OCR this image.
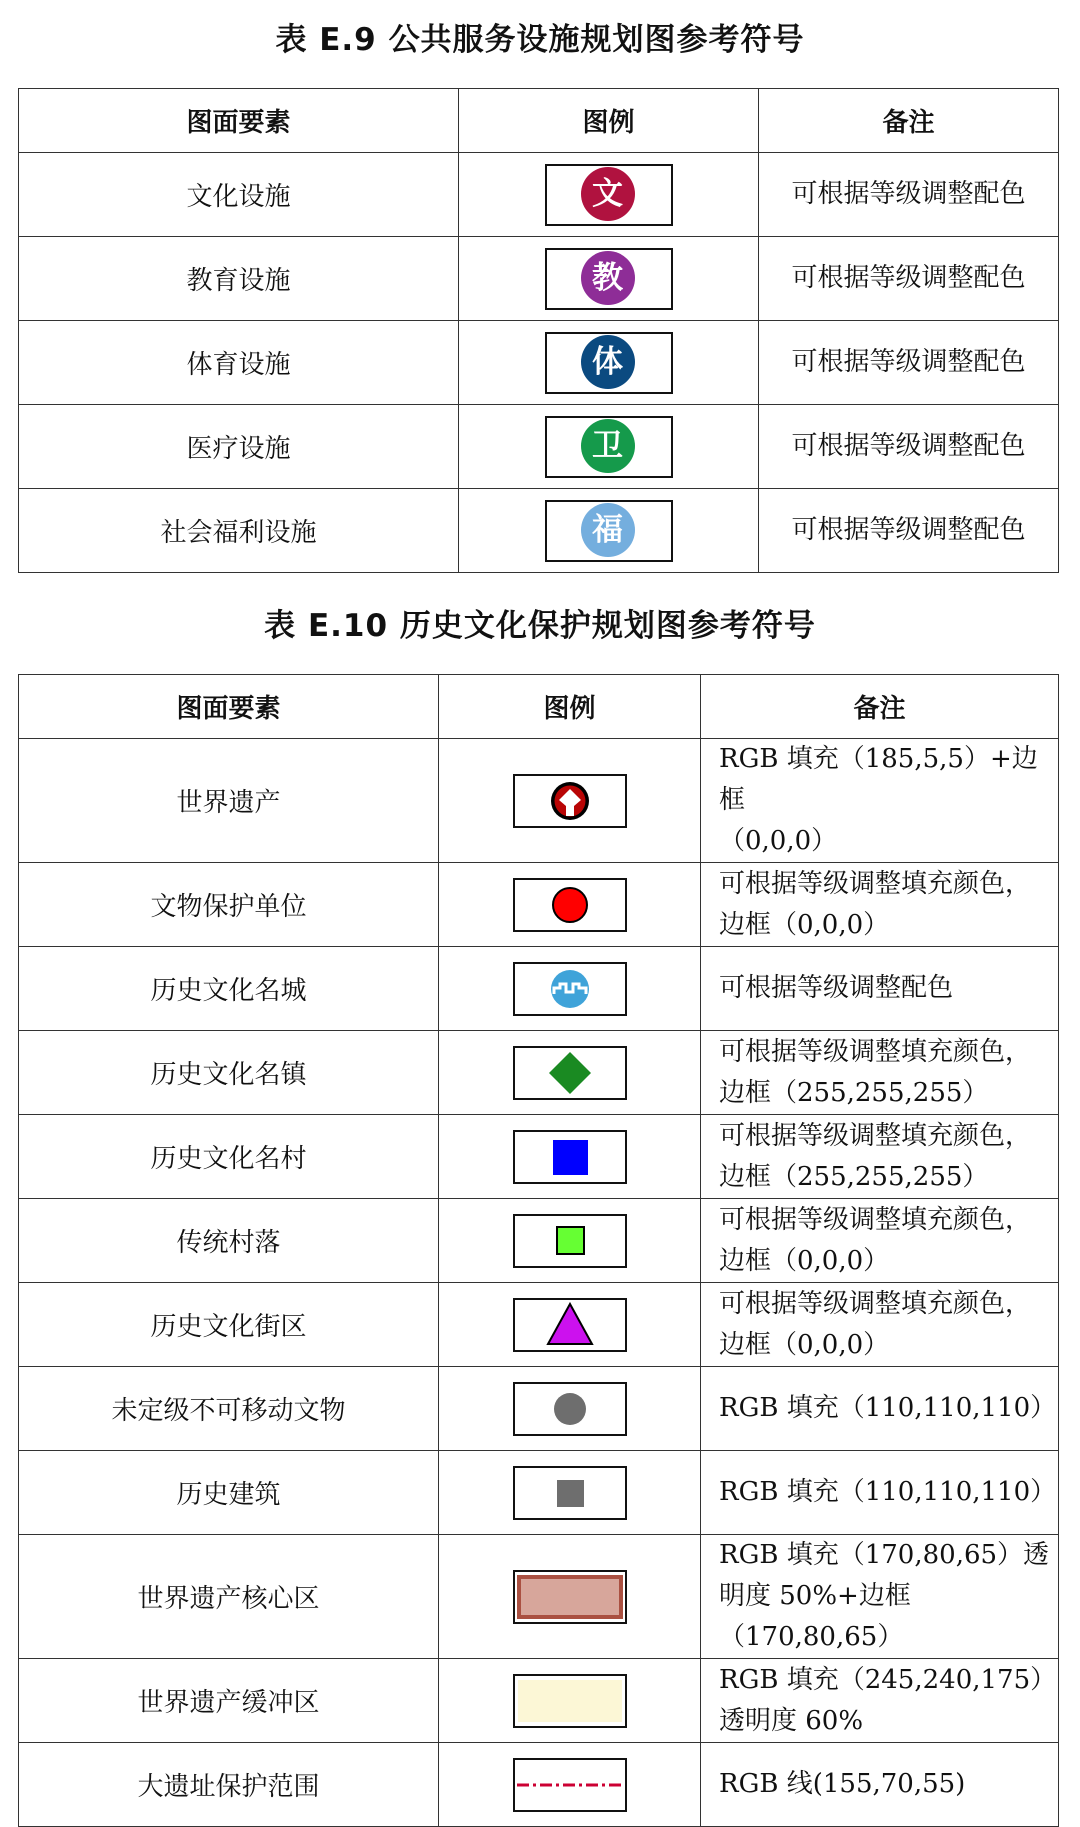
表 E.9 公共服务设施规划图参考符号
图面要素	图例	备注
文化设施	文	可根据等级调整配色
教育设施	教	可根据等级调整配色
体育设施	体	可根据等级调整配色
医疗设施	卫	可根据等级调整配色
社会福利设施	福	可根据等级调整配色
表 E.10 历史文化保护规划图参考符号
图面要素	图例	备注
世界遗产		RGB 填充（185,5,5）+边框
（0,0,0）

文物保护单位		可根据等级调整填充颜色，
边框（0,0,0）

历史文化名城		可根据等级调整配色

历史文化名镇		可根据等级调整填充颜色，
边框（255,255,255）

历史文化名村		可根据等级调整填充颜色，
边框（255,255,255）

传统村落		可根据等级调整填充颜色，
边框（0,0,0）

历史文化街区		可根据等级调整填充颜色，
边框（0,0,0）

未定级不可移动文物		RGB 填充（110,110,110）

历史建筑		RGB 填充（110,110,110）

世界遗产核心区		RGB 填充（170,80,65）透
明度 50%+边框（170,80,65）

世界遗产缓冲区		RGB 填充（245,240,175）
透明度 60%

大遗址保护范围		RGB 线(155,70,55)
